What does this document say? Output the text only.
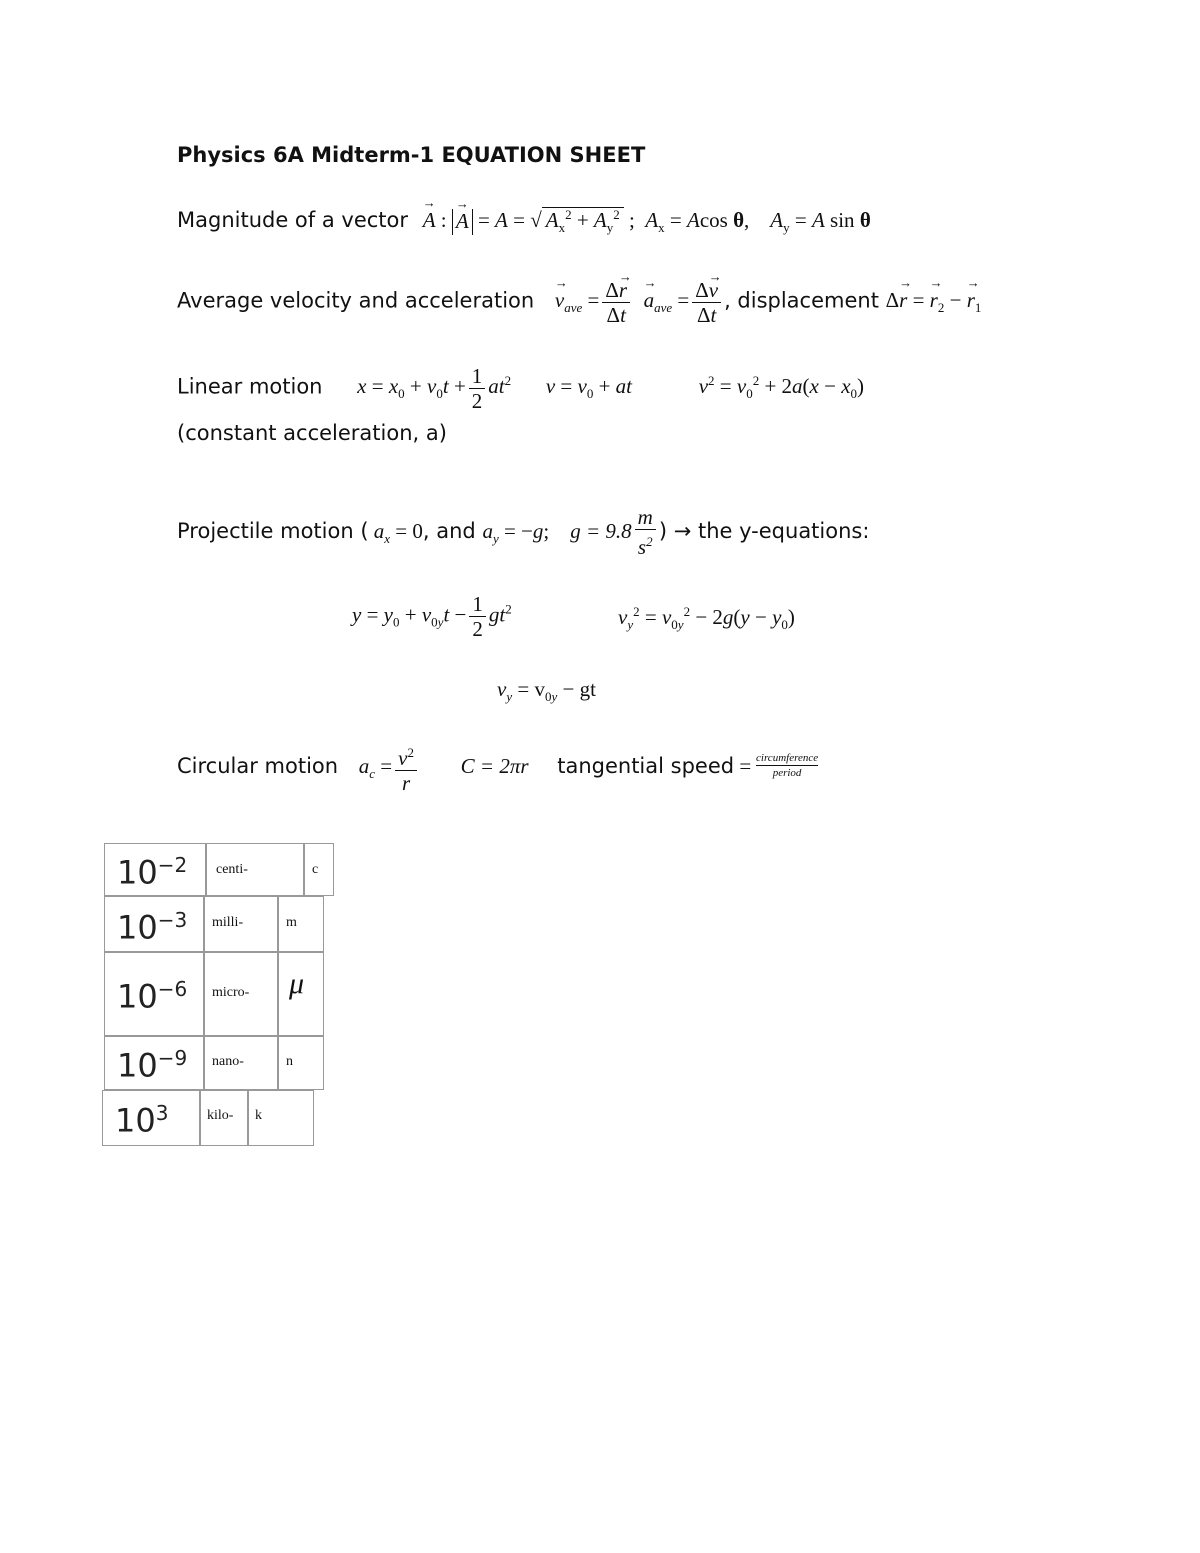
Physics 6A Midterm-1 EQUATION SHEET
Magnitude of a vector A → : A → = A = √ $A_x^2 + A_y^2$ ;  $A_x = Acos$ θ,    $A_y = A$ sin θ
Average velocity and acceleration $v \to_{ave} = \frac{\Delta r \to}{\Delta t}$ $a \to_{ave} = \frac{\Delta v \to}{\Delta t}$ , displacement Δr → = $r \to_2 - r \to_1$
Linear motion $x = x_0 + v_0t + \frac{1}{2} at^2$ $v = v_0$ + at	$v^2 = v_0^2 + 2a(x - x_0)$
(constant acceleration, a)
Projectile motion ( $a_x = 0$, and $a_y = -g$;    $g = 9.8 \frac{m}{s^2}$ ) → the y-equations:
$y = y_0 + v_{0y}t - \frac{1}{2} gt^2$	$v_y^2 = v_{0y}^2 - 2g(y - y_0)$
$v_y = v_{0y}$ − gt
Circular motion $a_c = \frac{v^2}{r}$ C = 2πr tangential speed = circumference
period
$10^{-2}$ centi-	c
$10^{-3}$ milli-	m
$10^{-6}$ micro- μ
$10^{-9}$ nano-	n
$10^3$	kilo- k
